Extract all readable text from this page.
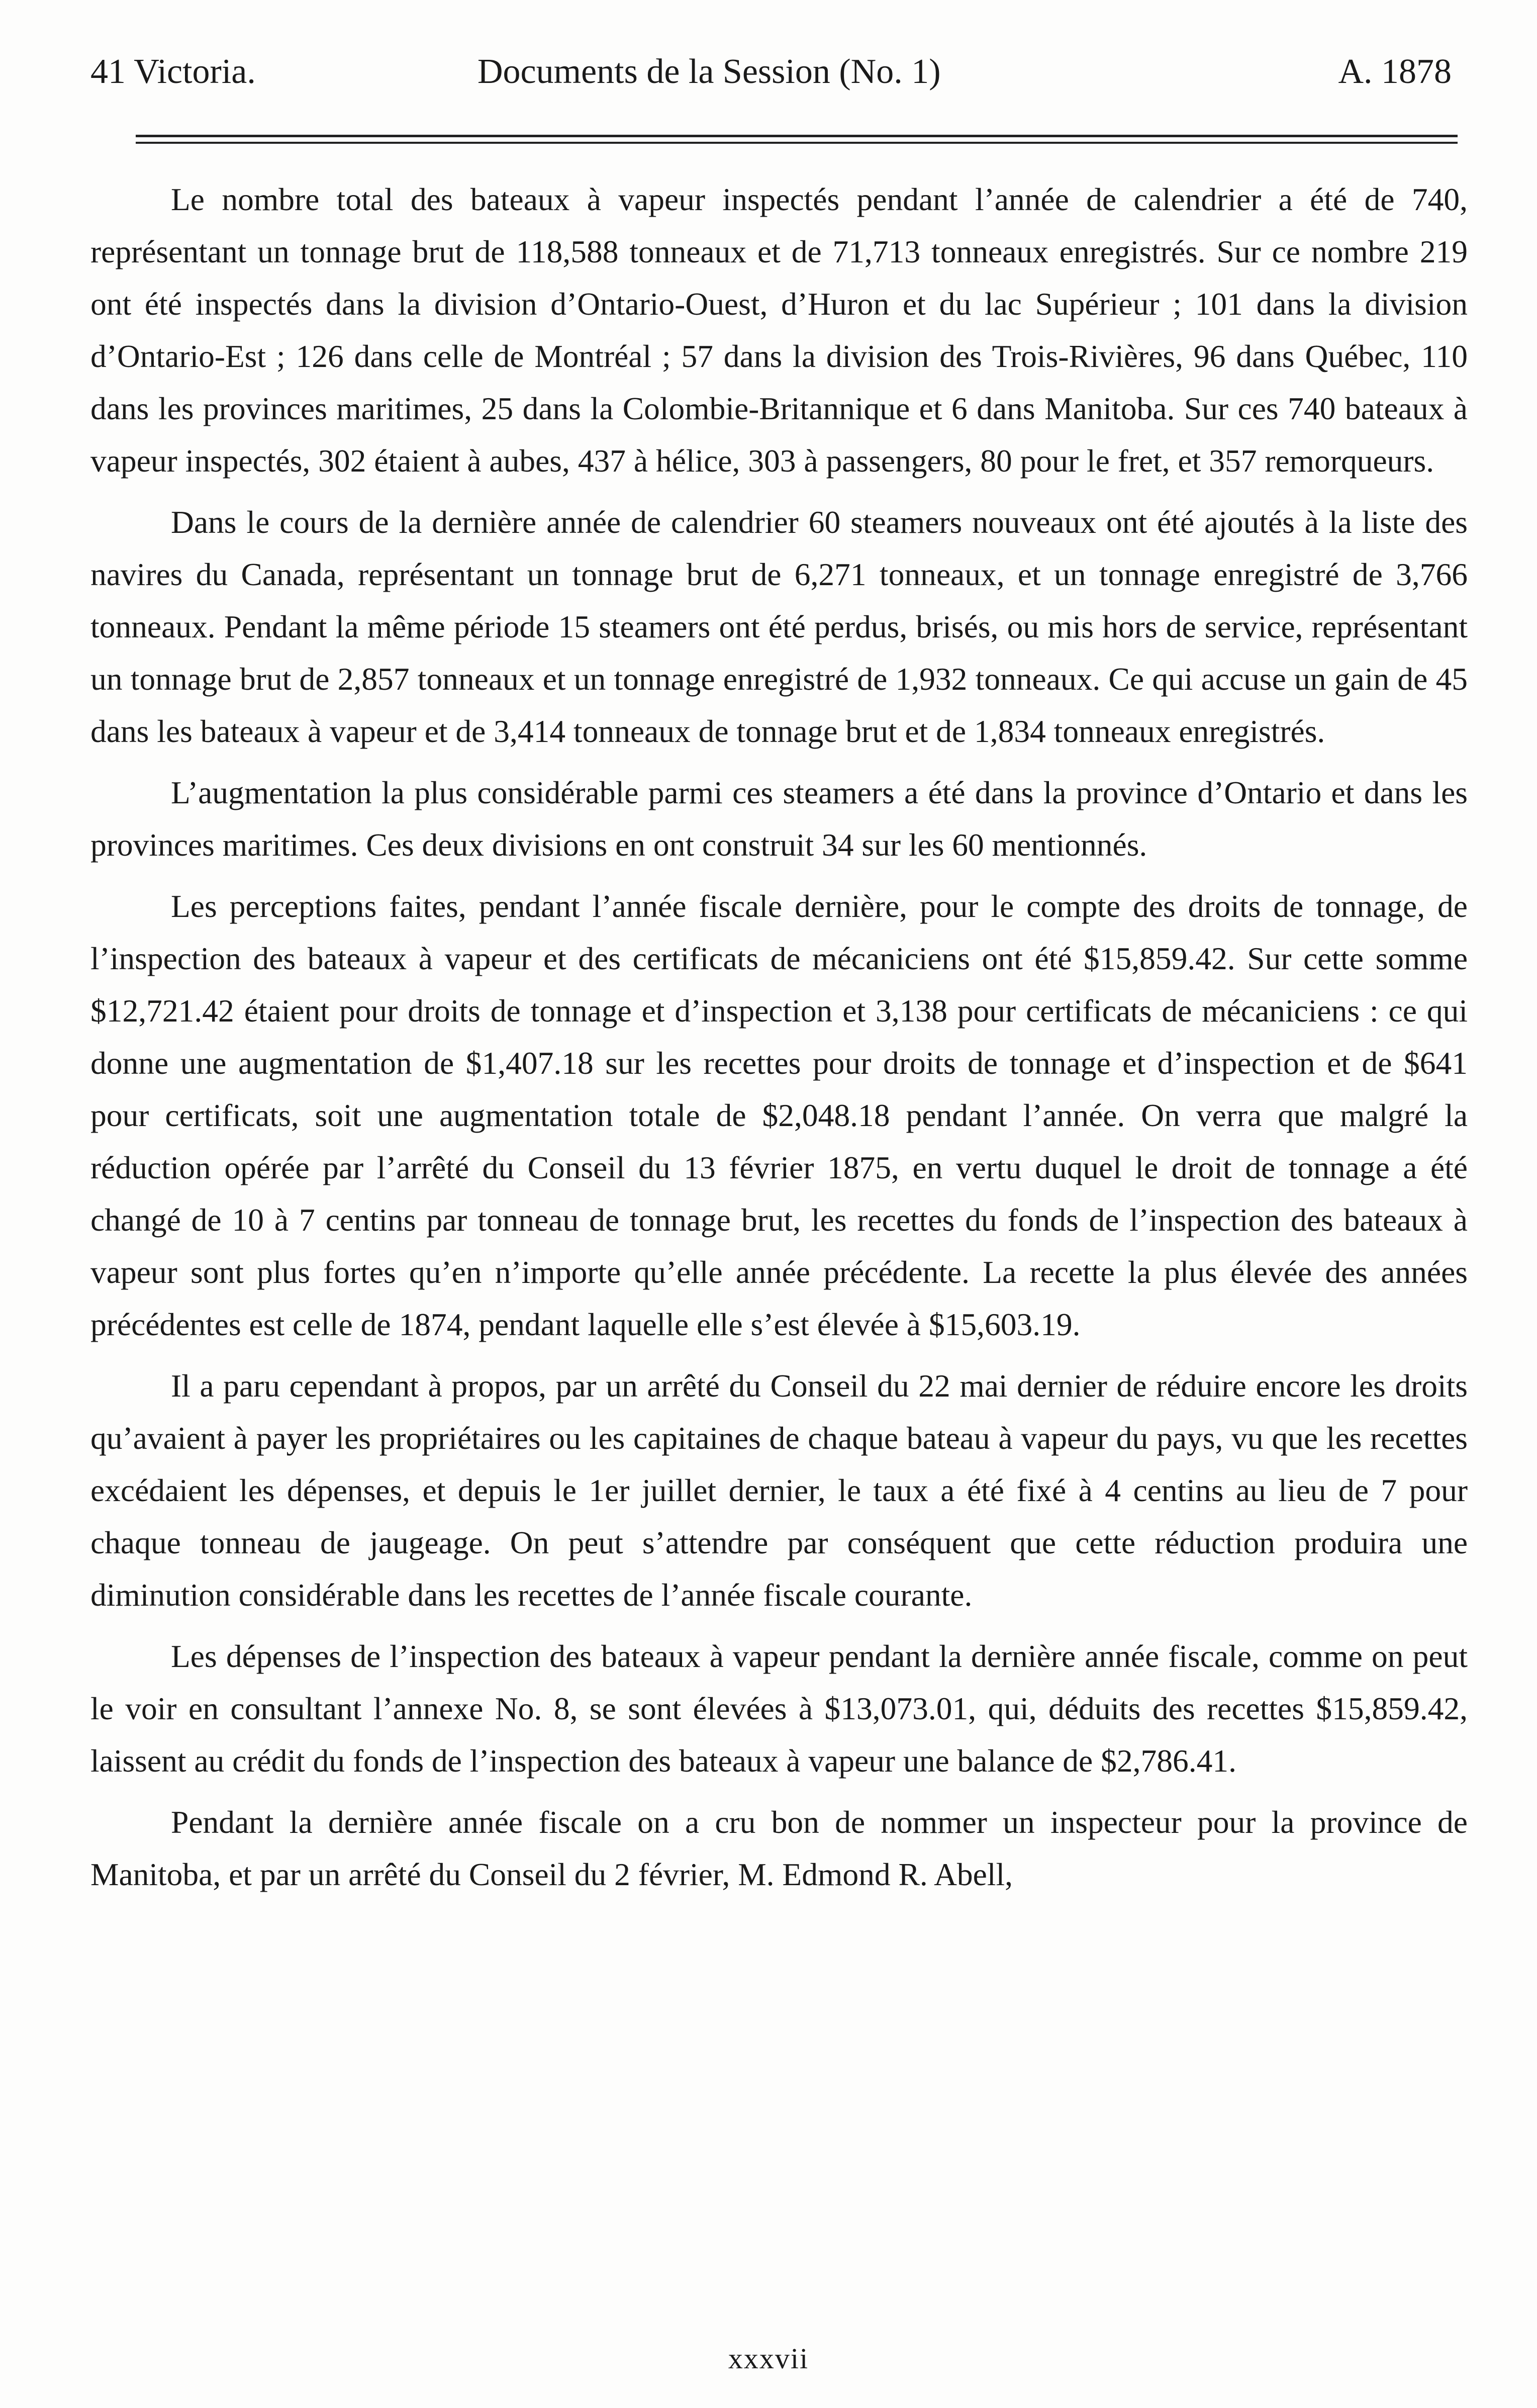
41 Victoria.	Documents de la Session (No. 1)	A. 1878

Le nombre total des bateaux à vapeur inspectés pendant l’année de calendrier a été de 740, représentant un tonnage brut de 118,588 tonneaux et de 71,713 tonneaux enregistrés. Sur ce nombre 219 ont été inspectés dans la division d’Ontario-Ouest, d’Huron et du lac Supérieur ; 101 dans la division d’Ontario-Est ; 126 dans celle de Montréal ; 57 dans la division des Trois-Rivières, 96 dans Québec, 110 dans les provinces maritimes, 25 dans la Colombie-Britannique et 6 dans Manitoba. Sur ces 740 bateaux à vapeur inspectés, 302 étaient à aubes, 437 à hélice, 303 à passengers, 80 pour le fret, et 357 remorqueurs.

Dans le cours de la dernière année de calendrier 60 steamers nouveaux ont été ajoutés à la liste des navires du Canada, représentant un tonnage brut de 6,271 tonneaux, et un tonnage enregistré de 3,766 tonneaux. Pendant la même période 15 steamers ont été perdus, brisés, ou mis hors de service, représentant un tonnage brut de 2,857 tonneaux et un tonnage enregistré de 1,932 tonneaux. Ce qui accuse un gain de 45 dans les bateaux à vapeur et de 3,414 tonneaux de tonnage brut et de 1,834 tonneaux enregistrés.

L’augmentation la plus considérable parmi ces steamers a été dans la province d’Ontario et dans les provinces maritimes. Ces deux divisions en ont construit 34 sur les 60 mentionnés.

Les perceptions faites, pendant l’année fiscale dernière, pour le compte des droits de tonnage, de l’inspection des bateaux à vapeur et des certificats de mécaniciens ont été $15,859.42. Sur cette somme $12,721.42 étaient pour droits de tonnage et d’inspection et 3,138 pour certificats de mécaniciens : ce qui donne une augmentation de $1,407.18 sur les recettes pour droits de tonnage et d’inspection et de $641 pour certificats, soit une augmentation totale de $2,048.18 pendant l’année. On verra que malgré la réduction opérée par l’arrêté du Conseil du 13 février 1875, en vertu duquel le droit de tonnage a été changé de 10 à 7 centins par tonneau de tonnage brut, les recettes du fonds de l’inspection des bateaux à vapeur sont plus fortes qu’en n’importe qu’elle année précédente. La recette la plus élevée des années précédentes est celle de 1874, pendant laquelle elle s’est élevée à $15,603.19.

Il a paru cependant à propos, par un arrêté du Conseil du 22 mai dernier de réduire encore les droits qu’avaient à payer les propriétaires ou les capitaines de chaque bateau à vapeur du pays, vu que les recettes excédaient les dépenses, et depuis le 1er juillet dernier, le taux a été fixé à 4 centins au lieu de 7 pour chaque tonneau de jaugeage. On peut s’attendre par conséquent que cette réduction produira une diminution considérable dans les recettes de l’année fiscale courante.

Les dépenses de l’inspection des bateaux à vapeur pendant la dernière année fiscale, comme on peut le voir en consultant l’annexe No. 8, se sont élevées à $13,073.01, qui, déduits des recettes $15,859.42, laissent au crédit du fonds de l’inspection des bateaux à vapeur une balance de $2,786.41.

Pendant la dernière année fiscale on a cru bon de nommer un inspecteur pour la province de Manitoba, et par un arrêté du Conseil du 2 février, M. Edmond R. Abell,

xxxvii
